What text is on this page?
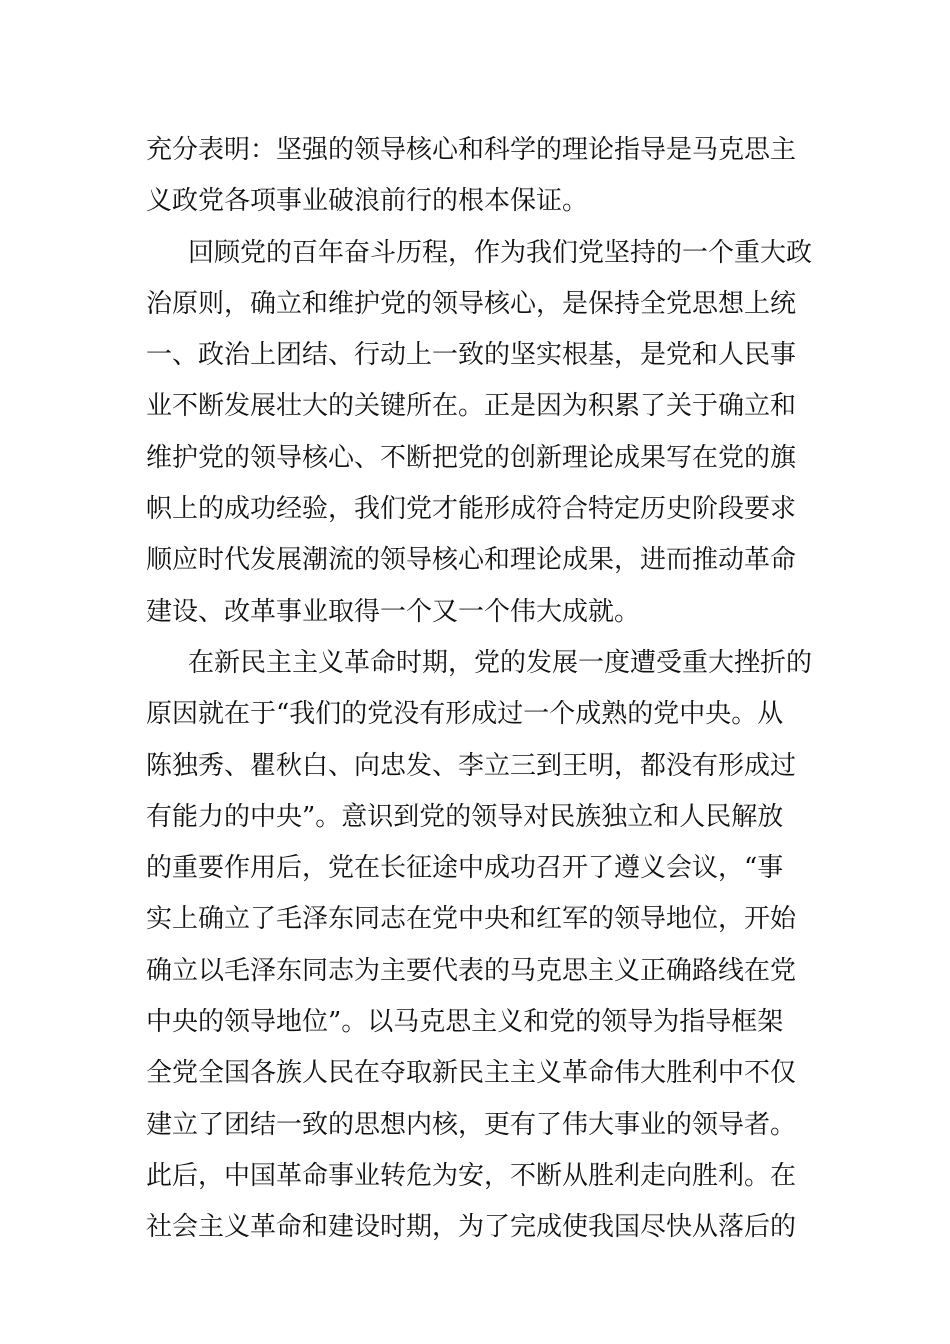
充分表明：坚强的领导核心和科学的理论指导是马克思主
义政党各项事业破浪前行的根本保证。
回顾党的百年奋斗历程，作为我们党坚持的一个重大政
治原则，确立和维护党的领导核心，是保持全党思想上统
一、政治上团结、行动上一致的坚实根基，是党和人民事
业不断发展壮大的关键所在。正是因为积累了关于确立和
维护党的领导核心、不断把党的创新理论成果写在党的旗
帜上的成功经验，我们党才能形成符合特定历史阶段要求
顺应时代发展潮流的领导核心和理论成果，进而推动革命
建设、改革事业取得一个又一个伟大成就。
在新民主主义革命时期，党的发展一度遭受重大挫折的
原因就在于“我们的党没有形成过一个成熟的党中央。从
陈独秀、瞿秋白、向忠发、李立三到王明，都没有形成过
有能力的中央”。意识到党的领导对民族独立和人民解放
的重要作用后，党在长征途中成功召开了遵义会议，“事
实上确立了毛泽东同志在党中央和红军的领导地位，开始
确立以毛泽东同志为主要代表的马克思主义正确路线在党
中央的领导地位”。以马克思主义和党的领导为指导框架
全党全国各族人民在夺取新民主主义革命伟大胜利中不仅
建立了团结一致的思想内核，更有了伟大事业的领导者。
此后，中国革命事业转危为安，不断从胜利走向胜利。在
社会主义革命和建设时期，为了完成使我国尽快从落后的
